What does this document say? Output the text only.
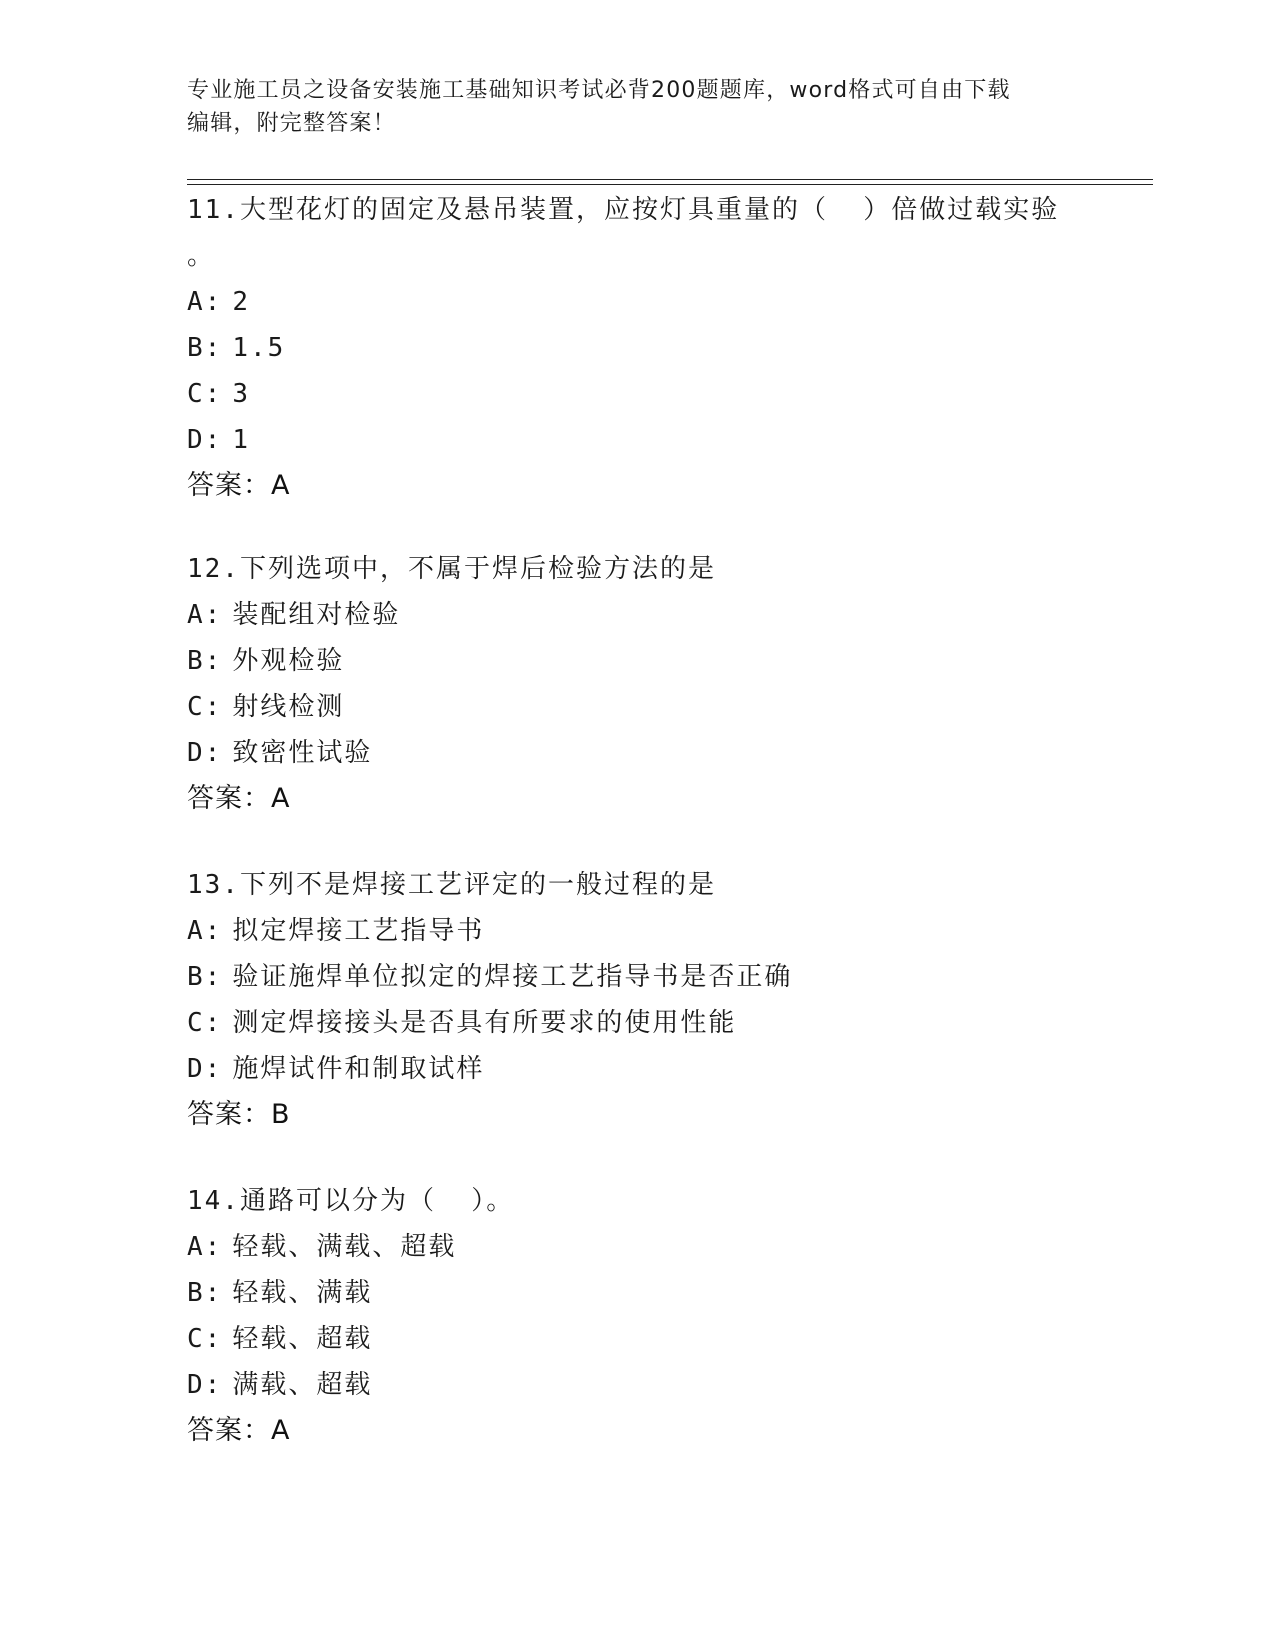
专业施工员之设备安装施工基础知识考试必背200题题库，word格式可自由下载
编辑，附完整答案！

11.大型花灯的固定及悬吊装置，应按灯具重量的（  ）倍做过载实验
。

A: 2
B: 1.5
C: 3
D: 1
答案：A

12.下列选项中，不属于焊后检验方法的是

A: 装配组对检验
B: 外观检验
C: 射线检测
D: 致密性试验
答案：A

13.下列不是焊接工艺评定的一般过程的是

A: 拟定焊接工艺指导书
B: 验证施焊单位拟定的焊接工艺指导书是否正确
C: 测定焊接接头是否具有所要求的使用性能
D: 施焊试件和制取试样
答案：B

14.通路可以分为（  ）。

A: 轻载、满载、超载
B: 轻载、满载
C: 轻载、超载
D: 满载、超载
答案：A
